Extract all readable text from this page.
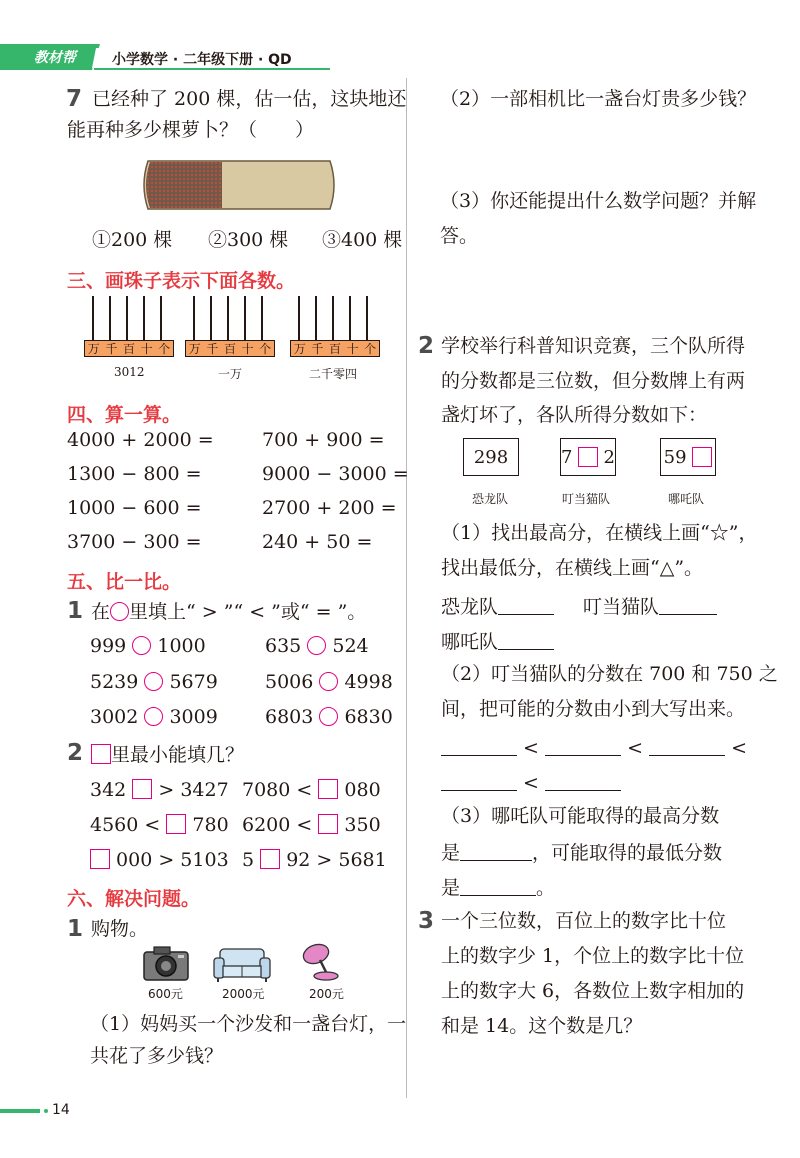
教材帮	小学数学 · 二年级下册 · QD
7 已经种了 200 棵，估一估，这块地还
能再种多少棵萝卜？（　　）
①200 棵 ②300 棵 ③400 棵
三、画珠子表示下面各数。
万 千 百 十 个
3012
万 千 百 十 个
一万
万 千 百 十 个
二千零四
四、算一算。
4000 + 2000 =	700 + 900 =
1300 − 800 =	9000 − 3000 =
1000 − 600 =	2700 + 200 =
3700 − 300 =	240 + 50 =
五、比一比。
1 在 里填上“ > ”“ < ”或“ = ”。
999 1000	635 524
5239 5679 5006 4998
3002 3009 6803 6830
2	里最小能填几？
342 > 3427 7080 < 080
4560 < 780 6200 < 350
000 > 5103 5 92 > 5681
六、解决问题。
1 购物。
600元	2000元	200元
（1）妈妈买一个沙发和一盏台灯，一
共花了多少钱？
14
（2）一部相机比一盏台灯贵多少钱？
（3）你还能提出什么数学问题？并解
答。
2 学校举行科普知识竞赛，三个队所得
的分数都是三位数，但分数牌上有两
盏灯坏了，各队所得分数如下：
298
恐龙队
7

2
叮当猫队
59

哪吒队
（1）找出最高分，在横线上画“☆”，
找出最低分，在横线上画“△”。
恐龙队	叮当猫队
哪吒队
（2）叮当猫队的分数在 700 和 750 之
间，把可能的分数由小到大写出来。
<	<	<
<
（3）哪吒队可能取得的最高分数
是	，可能取得的最低分数
是	。
3 一个三位数，百位上的数字比十位
上的数字少 1，个位上的数字比十位
上的数字大 6，各数位上数字相加的
和是 14。这个数是几？
